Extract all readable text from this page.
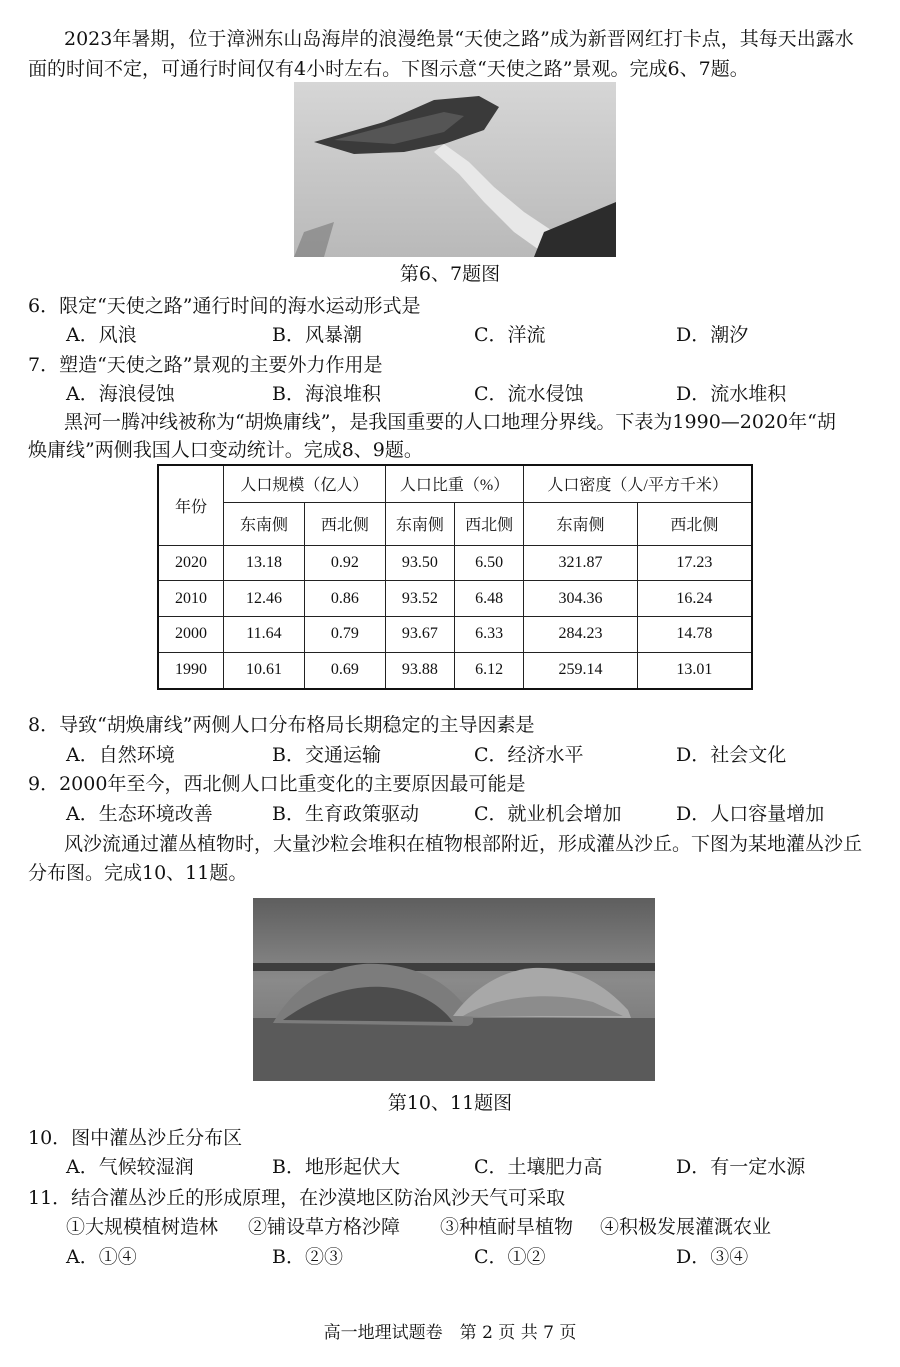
2023年暑期，位于漳洲东山岛海岸的浪漫绝景“天使之路”成为新晋网红打卡点，其每天出露水
面的时间不定，可通行时间仅有4小时左右。下图示意“天使之路”景观。完成6、7题。
第6、7题图
6．限定“天使之路”通行时间的海水运动形式是
A．风浪	B．风暴潮	C．洋流	D．潮汐
7．塑造“天使之路”景观的主要外力作用是
A．海浪侵蚀	B．海浪堆积	C．流水侵蚀	D．流水堆积
黑河一腾冲线被称为“胡焕庸线”，是我国重要的人口地理分界线。下表为1990—2020年“胡
焕庸线”两侧我国人口变动统计。完成8、9题。
年份	人口规模（亿人）		人口比重（%）		人口密度（人/平方千米）	
	东南侧	西北侧	东南侧	西北侧	东南侧	西北侧
2020	13.18	0.92	93.50	6.50	321.87	17.23
2010	12.46	0.86	93.52	6.48	304.36	16.24
2000	11.64	0.79	93.67	6.33	284.23	14.78
1990	10.61	0.69	93.88	6.12	259.14	13.01
8．导致“胡焕庸线”两侧人口分布格局长期稳定的主导因素是
A．自然环境	B．交通运输	C．经济水平	D．社会文化
9．2000年至今，西北侧人口比重变化的主要原因最可能是
A．生态环境改善	B．生育政策驱动	C．就业机会增加	D．人口容量增加
风沙流通过灌丛植物时，大量沙粒会堆积在植物根部附近，形成灌丛沙丘。下图为某地灌丛沙丘
分布图。完成10、11题。
第10、11题图
10．图中灌丛沙丘分布区
A．气候较湿润	B．地形起伏大	C．土壤肥力高	D．有一定水源
11．结合灌丛沙丘的形成原理，在沙漠地区防治风沙天气可采取
①大规模植树造林 ②铺设草方格沙障 ③种植耐旱植物 ④积极发展灌溉农业
A．①④	B．②③	C．①②	D．③④
高一地理试题卷　第 2 页 共 7 页
